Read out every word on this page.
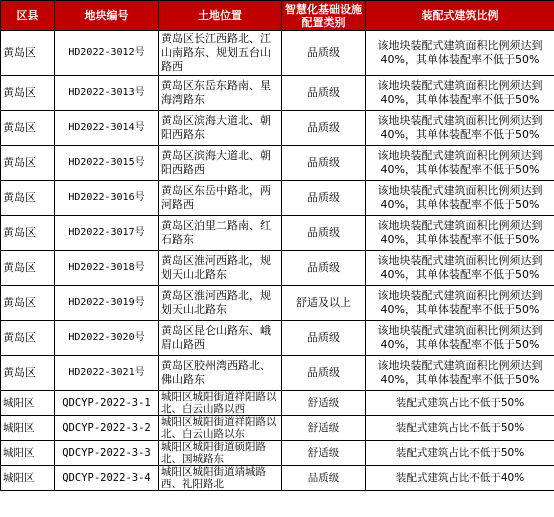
区县	地块编号	土地位置	智慧化基础设施配置类别	装配式建筑比例
黄岛区	HD2022-3012号	黄岛区长江西路北、江山南路东、规划五台山路西	品质级	该地块装配式建筑面积比例须达到40%，其单体装配率不低于50%
黄岛区	HD2022-3013号	黄岛区东岳东路南、星海湾路东	品质级	该地块装配式建筑面积比例须达到40%，其单体装配率不低于50%
黄岛区	HD2022-3014号	黄岛区滨海大道北、朝阳西路东	品质级	该地块装配式建筑面积比例须达到40%，其单体装配率不低于50%
黄岛区	HD2022-3015号	黄岛区滨海大道北、朝阳西路西	品质级	该地块装配式建筑面积比例须达到40%，其单体装配率不低于50%
黄岛区	HD2022-3016号	黄岛区东岳中路北，两河路西	品质级	该地块装配式建筑面积比例须达到40%，其单体装配率不低于50%
黄岛区	HD2022-3017号	黄岛区泊里二路南、红石路东	品质级	该地块装配式建筑面积比例须达到40%，其单体装配率不低于50%
黄岛区	HD2022-3018号	黄岛区淮河西路北，规划天山北路东	品质级	该地块装配式建筑面积比例须达到40%，其单体装配率不低于50%
黄岛区	HD2022-3019号	黄岛区淮河西路北，规划天山北路东	舒适及以上	该地块装配式建筑面积比例须达到40%，其单体装配率不低于50%
黄岛区	HD2022-3020号	黄岛区昆仑山路东、峨眉山路西	品质级	该地块装配式建筑面积比例须达到40%，其单体装配率不低于50%
黄岛区	HD2022-3021号	黄岛区胶州湾西路北、佛山路东	品质级	该地块装配式建筑面积比例须达到40%，其单体装配率不低于50%
城阳区	QDCYP-2022-3-1	城阳区城阳街道祥阳路以北、白云山路以西	舒适级	装配式建筑占比不低于50%
城阳区	QDCYP-2022-3-2	城阳区城阳街道祥阳路以北、白云山路以东	舒适级	装配式建筑占比不低于50%
城阳区	QDCYP-2022-3-3	城阳区城阳街道硕阳路北、国城路东	舒适级	装配式建筑占比不低于50%
城阳区	QDCYP-2022-3-4	城阳区城阳街道靖城路西、礼阳路北	品质级	装配式建筑占比不低于40%
